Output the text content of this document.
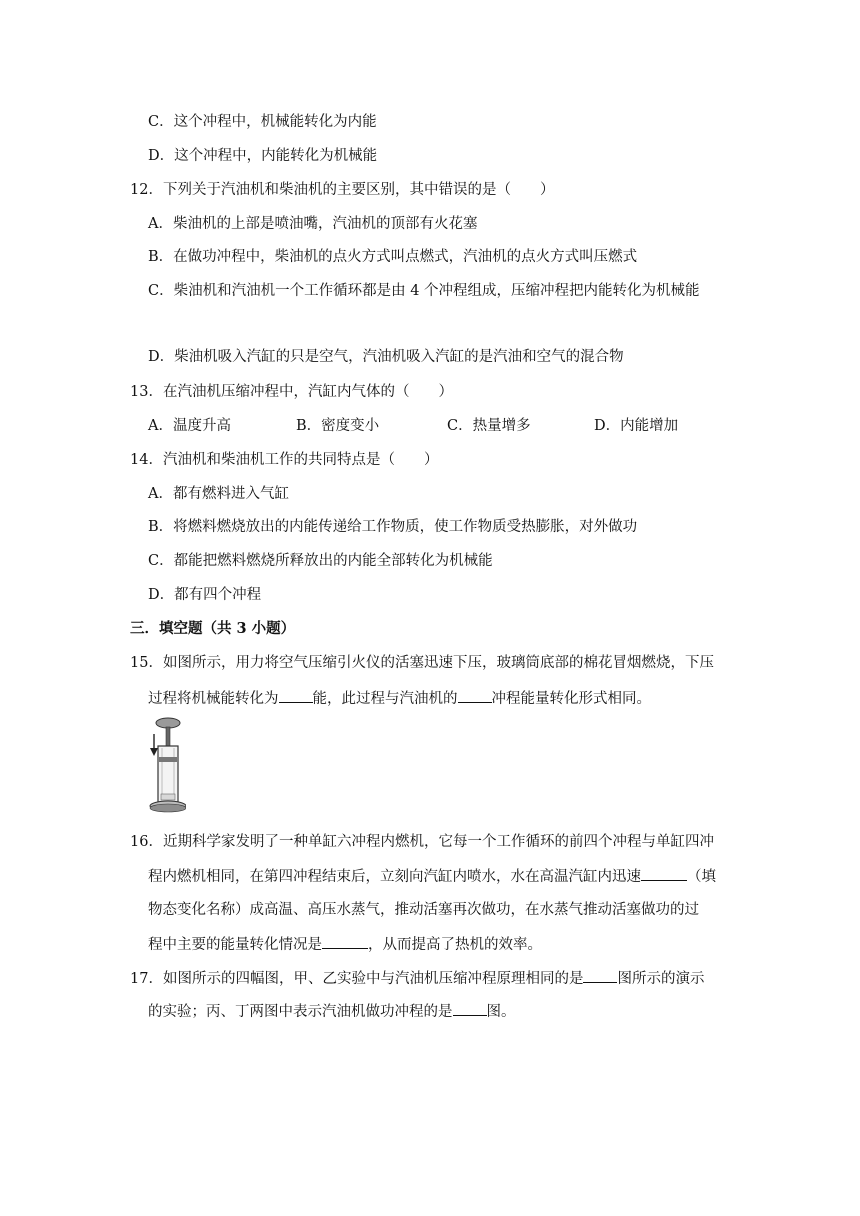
C．这个冲程中，机械能转化为内能
D．这个冲程中，内能转化为机械能
12．下列关于汽油机和柴油机的主要区别，其中错误的是（　　）
A．柴油机的上部是喷油嘴，汽油机的顶部有火花塞
B．在做功冲程中，柴油机的点火方式叫点燃式，汽油机的点火方式叫压燃式
C．柴油机和汽油机一个工作循环都是由 4 个冲程组成，压缩冲程把内能转化为机械能
D．柴油机吸入汽缸的只是空气，汽油机吸入汽缸的是汽油和空气的混合物
13．在汽油机压缩冲程中，汽缸内气体的（　　）
A．温度升高	B．密度变小	C．热量增多	D．内能增加
14．汽油机和柴油机工作的共同特点是（　　）
A．都有燃料进入气缸
B．将燃料燃烧放出的内能传递给工作物质，使工作物质受热膨胀，对外做功
C．都能把燃料燃烧所释放出的内能全部转化为机械能
D．都有四个冲程
三．填空题（共 3 小题）
15．如图所示，用力将空气压缩引火仪的活塞迅速下压，玻璃筒底部的棉花冒烟燃烧，下压
过程将机械能转化为 能，此过程与汽油机的 冲程能量转化形式相同。
16．近期科学家发明了一种单缸六冲程内燃机，它每一个工作循环的前四个冲程与单缸四冲
程内燃机相同，在第四冲程结束后，立刻向汽缸内喷水，水在高温汽缸内迅速	（填
物态变化名称）成高温、高压水蒸气，推动活塞再次做功，在水蒸气推动活塞做功的过
程中主要的能量转化情况是	，从而提高了热机的效率。
17．如图所示的四幅图，甲、乙实验中与汽油机压缩冲程原理相同的是 图所示的演示
的实验；丙、丁两图中表示汽油机做功冲程的是 图。
